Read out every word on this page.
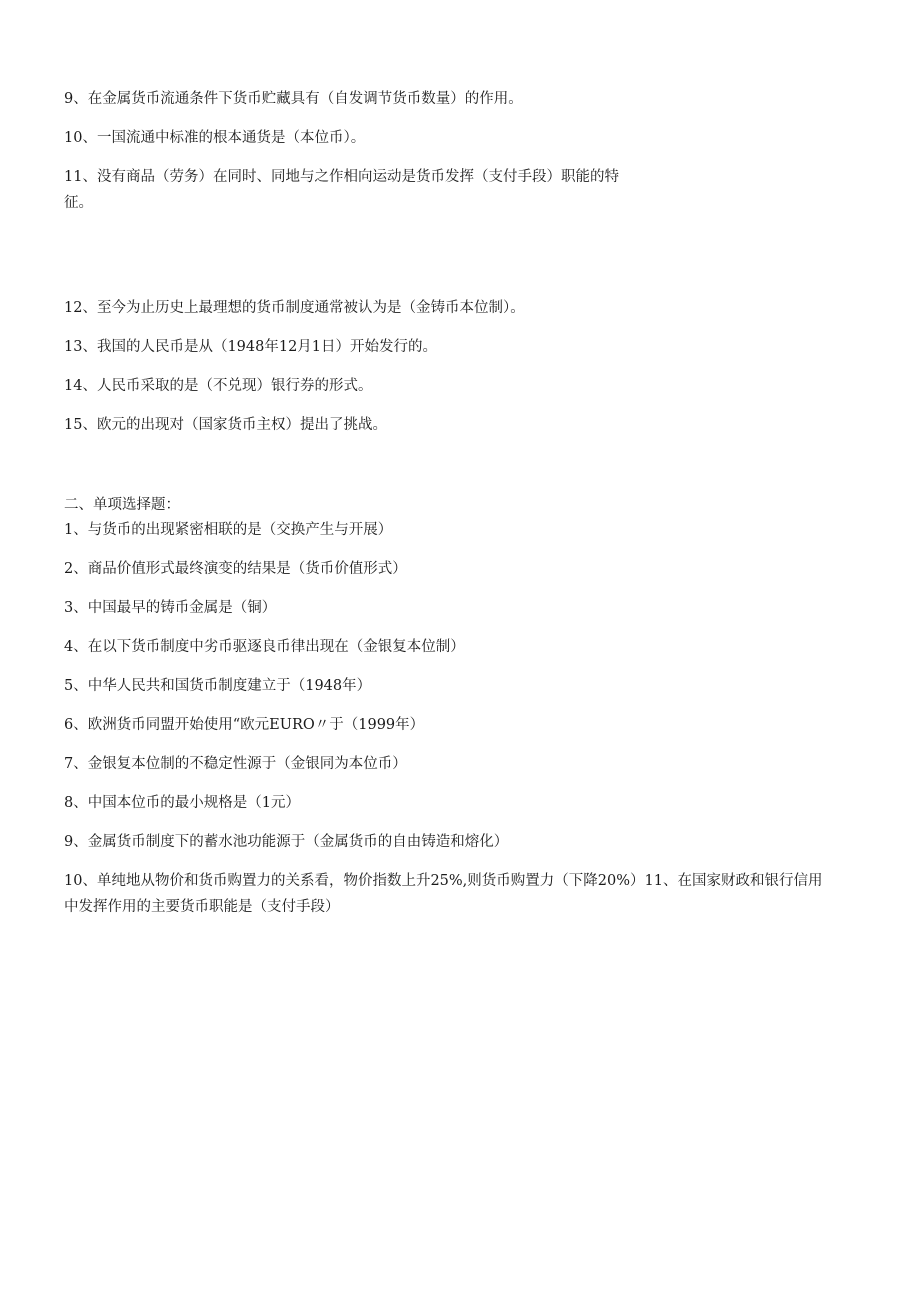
9、在金属货币流通条件下货币贮藏具有（自发调节货币数量）的作用。
10、一国流通中标准的根本通货是（本位币）。
11、没有商品（劳务）在同时、同地与之作相向运动是货币发挥（支付手段）职能的特
征。
12、至今为止历史上最理想的货币制度通常被认为是（金铸币本位制）。
13、我国的人民币是从（1948年12月1日）开始发行的。
14、人民币采取的是（不兑现）银行券的形式。
15、欧元的出现对（国家货币主权）提出了挑战。
二、单项选择题：
1、与货币的出现紧密相联的是（交换产生与开展）
2、商品价值形式最终演变的结果是（货币价值形式）
3、中国最早的铸币金属是（铜）
4、在以下货币制度中劣币驱逐良币律出现在（金银复本位制）
5、中华人民共和国货币制度建立于（1948年）
6、欧洲货币同盟开始使用“欧元EURO〃于（1999年）
7、金银复本位制的不稳定性源于（金银同为本位币）
8、中国本位币的最小规格是（1元）
9、金属货币制度下的蓄水池功能源于（金属货币的自由铸造和熔化）
10、单纯地从物价和货币购置力的关系看，物价指数上升25%,则货币购置力（下降20%）11、在国家财政和银行信用
中发挥作用的主要货币职能是（支付手段）
